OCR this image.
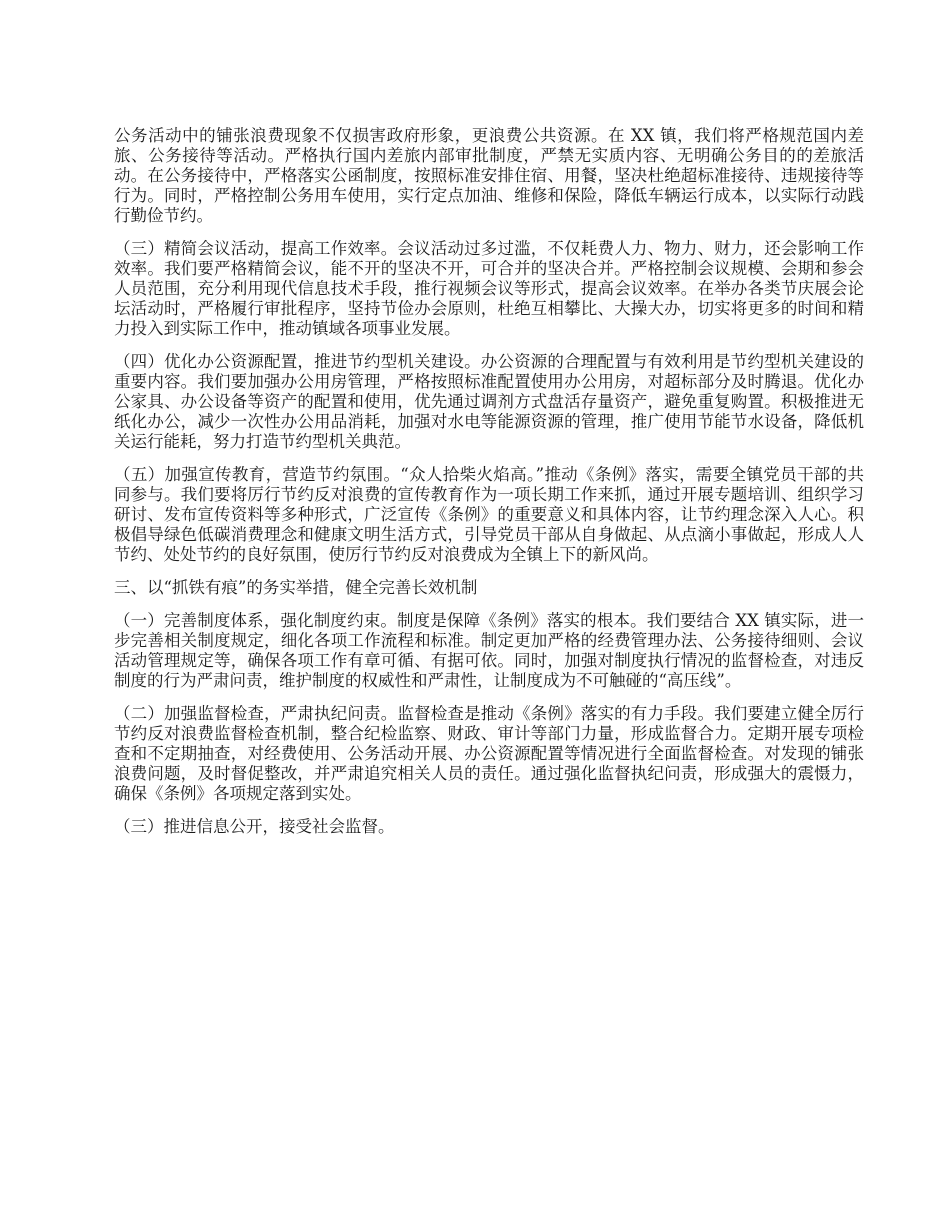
公务活动中的铺张浪费现象不仅损害政府形象，更浪费公共资源。在 XX 镇，我们将严格规范国内差旅、公务接待等活动。严格执行国内差旅内部审批制度，严禁无实质内容、无明确公务目的的差旅活动。在公务接待中，严格落实公函制度，按照标准安排住宿、用餐，坚决杜绝超标准接待、违规接待等行为。同时，严格控制公务用车使用，实行定点加油、维修和保险，降低车辆运行成本，以实际行动践行勤俭节约。

（三）精简会议活动，提高工作效率。会议活动过多过滥，不仅耗费人力、物力、财力，还会影响工作效率。我们要严格精简会议，能不开的坚决不开，可合并的坚决合并。严格控制会议规模、会期和参会人员范围，充分利用现代信息技术手段，推行视频会议等形式，提高会议效率。在举办各类节庆展会论坛活动时，严格履行审批程序，坚持节俭办会原则，杜绝互相攀比、大操大办，切实将更多的时间和精力投入到实际工作中，推动镇域各项事业发展。

（四）优化办公资源配置，推进节约型机关建设。办公资源的合理配置与有效利用是节约型机关建设的重要内容。我们要加强办公用房管理，严格按照标准配置使用办公用房，对超标部分及时腾退。优化办公家具、办公设备等资产的配置和使用，优先通过调剂方式盘活存量资产，避免重复购置。积极推进无纸化办公，减少一次性办公用品消耗，加强对水电等能源资源的管理，推广使用节能节水设备，降低机关运行能耗，努力打造节约型机关典范。

（五）加强宣传教育，营造节约氛围。“众人拾柴火焰高。”推动《条例》落实，需要全镇党员干部的共同参与。我们要将厉行节约反对浪费的宣传教育作为一项长期工作来抓，通过开展专题培训、组织学习研讨、发布宣传资料等多种形式，广泛宣传《条例》的重要意义和具体内容，让节约理念深入人心。积极倡导绿色低碳消费理念和健康文明生活方式，引导党员干部从自身做起、从点滴小事做起，形成人人节约、处处节约的良好氛围，使厉行节约反对浪费成为全镇上下的新风尚。

三、以“抓铁有痕”的务实举措，健全完善长效机制

（一）完善制度体系，强化制度约束。制度是保障《条例》落实的根本。我们要结合 XX 镇实际，进一步完善相关制度规定，细化各项工作流程和标准。制定更加严格的经费管理办法、公务接待细则、会议活动管理规定等，确保各项工作有章可循、有据可依。同时，加强对制度执行情况的监督检查，对违反制度的行为严肃问责，维护制度的权威性和严肃性，让制度成为不可触碰的“高压线”。

（二）加强监督检查，严肃执纪问责。监督检查是推动《条例》落实的有力手段。我们要建立健全厉行节约反对浪费监督检查机制，整合纪检监察、财政、审计等部门力量，形成监督合力。定期开展专项检查和不定期抽查，对经费使用、公务活动开展、办公资源配置等情况进行全面监督检查。对发现的铺张浪费问题，及时督促整改，并严肃追究相关人员的责任。通过强化监督执纪问责，形成强大的震慑力，确保《条例》各项规定落到实处。

（三）推进信息公开，接受社会监督。
